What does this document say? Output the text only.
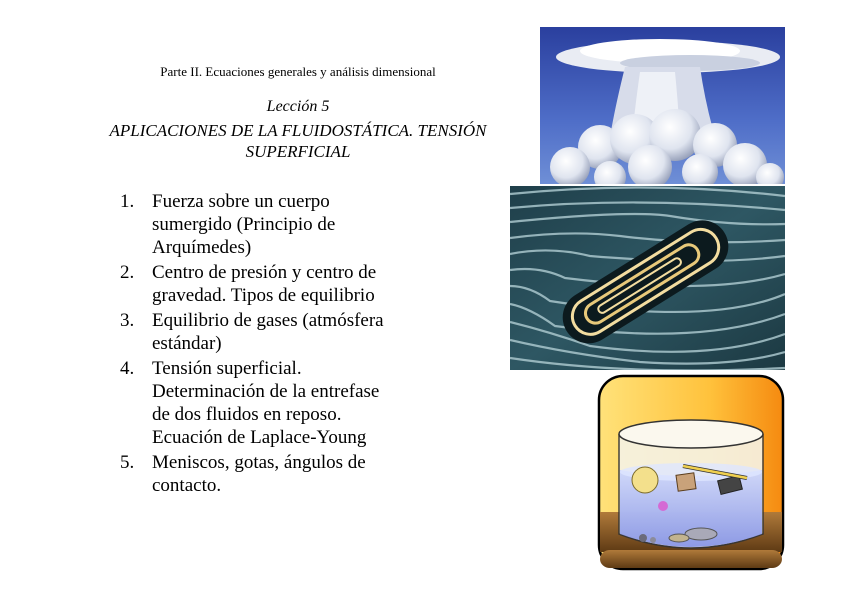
Parte II. Ecuaciones generales y análisis dimensional
Lección 5
APLICACIONES DE LA FLUIDOSTÁTICA. TENSIÓN
SUPERFICIAL
1. Fuerza sobre un cuerpo
sumergido (Principio de
Arquímedes)
2. Centro de presión y centro de
gravedad. Tipos de equilibrio
3. Equilibrio de gases (atmósfera
estándar)
4. Tensión superficial.
Determinación de la entrefase
de dos fluidos en reposo.
Ecuación de Laplace-Young
5. Meniscos, gotas, ángulos de
contacto.
